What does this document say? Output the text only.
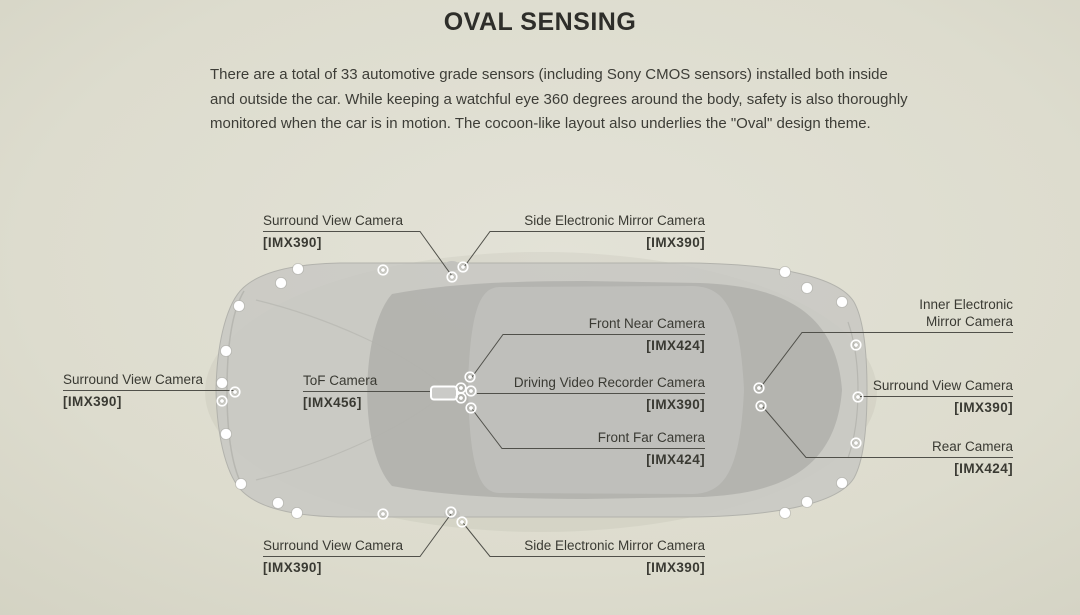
OVAL SENSING

There are a total of 33 automotive grade sensors (including Sony CMOS sensors) installed both inside and outside the car. While keeping a watchful eye 360 degrees around the body, safety is also thoroughly monitored when the car is in motion. The cocoon-like layout also underlies the "Oval" design theme.

Surround View Camera
[IMX390]
Side Electronic Mirror Camera
[IMX390]
Surround View Camera
[IMX390]
ToF Camera
[IMX456]
Front Near Camera
[IMX424]
Driving Video Recorder Camera
[IMX390]
Front Far Camera
[IMX424]
Inner Electronic
Mirror Camera
Surround View Camera
[IMX390]
Rear Camera
[IMX424]
Surround View Camera
[IMX390]
Side Electronic Mirror Camera
[IMX390]
